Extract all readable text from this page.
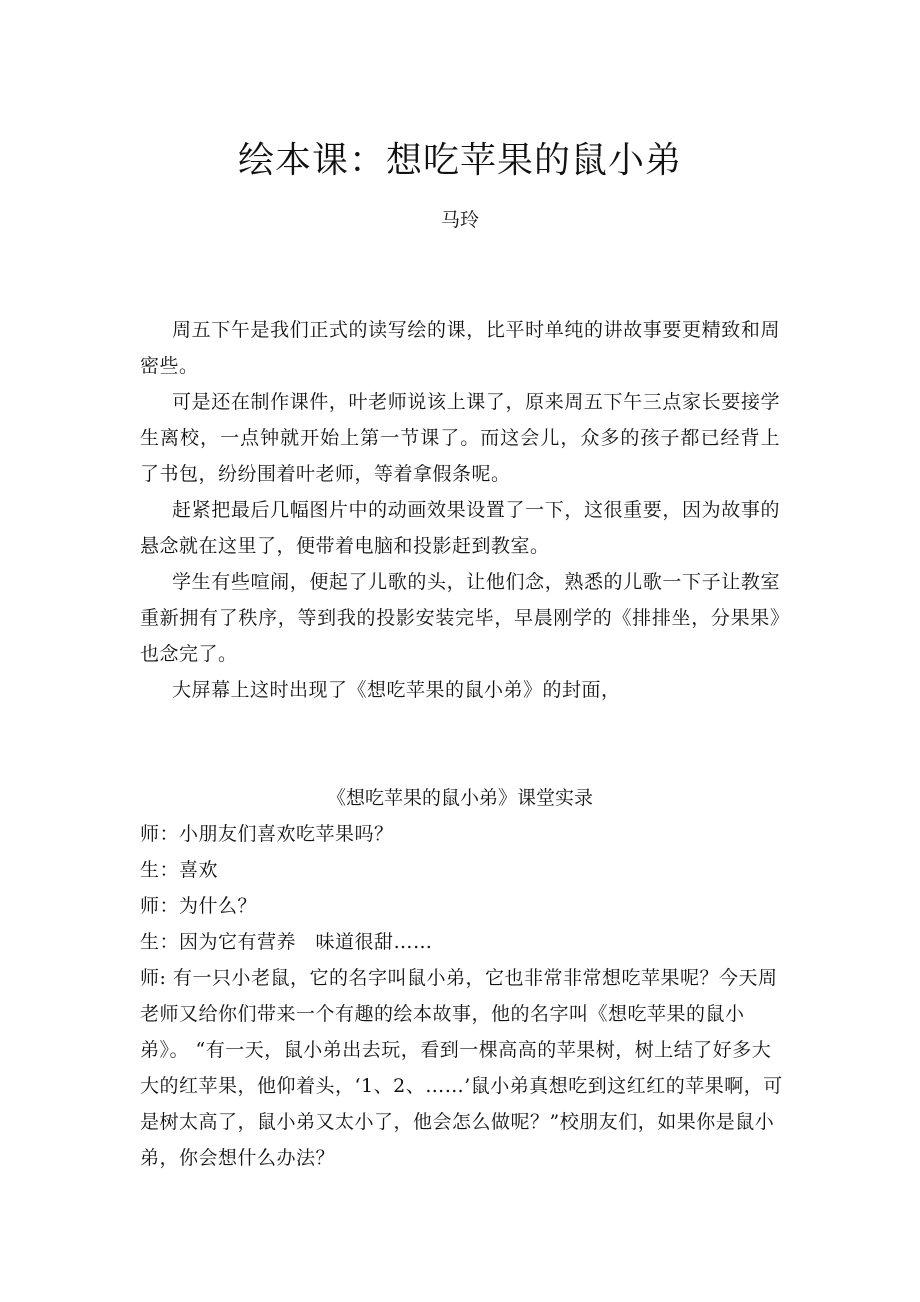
绘本课：想吃苹果的鼠小弟

马玲

周五下午是我们正式的读写绘的课，比平时单纯的讲故事要更精致和周密些。

可是还在制作课件，叶老师说该上课了，原来周五下午三点家长要接学生离校，一点钟就开始上第一节课了。而这会儿，众多的孩子都已经背上了书包，纷纷围着叶老师，等着拿假条呢。

赶紧把最后几幅图片中的动画效果设置了一下，这很重要，因为故事的悬念就在这里了，便带着电脑和投影赶到教室。

学生有些喧闹，便起了儿歌的头，让他们念，熟悉的儿歌一下子让教室重新拥有了秩序，等到我的投影安装完毕，早晨刚学的《排排坐，分果果》也念完了。

大屏幕上这时出现了《想吃苹果的鼠小弟》的封面，

《想吃苹果的鼠小弟》课堂实录

师：小朋友们喜欢吃苹果吗？

生：喜欢

师：为什么？

生：因为它有营养　味道很甜……

师: 有一只小老鼠，它的名字叫鼠小弟，它也非常非常想吃苹果呢？今天周老师又给你们带来一个有趣的绘本故事，他的名字叫《想吃苹果的鼠小弟》。 “有一天，鼠小弟出去玩，看到一棵高高的苹果树，树上结了好多大大的红苹果，他仰着头，‘1、2、……’鼠小弟真想吃到这红红的苹果啊，可是树太高了，鼠小弟又太小了，他会怎么做呢？”校朋友们，如果你是鼠小弟，你会想什么办法？
